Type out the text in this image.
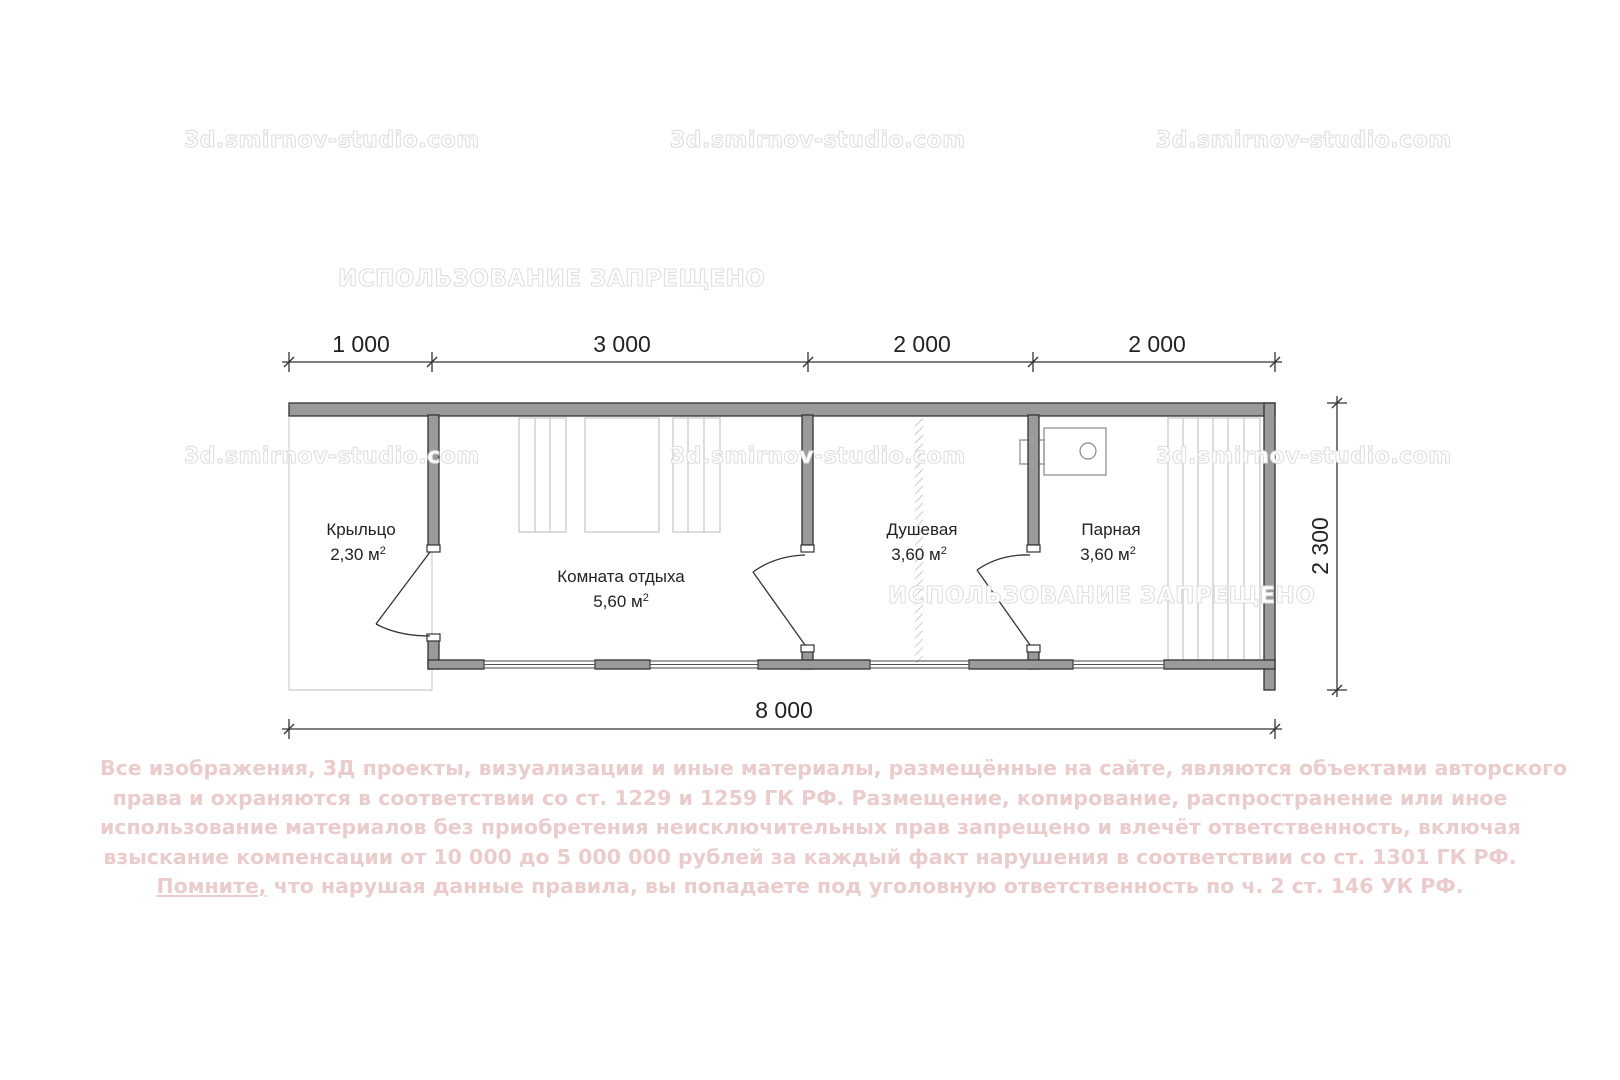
1 000	3 000	2 000	2 000
8 000
2 300
Крыльцо
2,30 $м^2$
Комната отдыха
5,60 $м^2$
Душевая
3,60 $м^2$
Парная
3,60 $м^2$
3d.smirnov-studio.com	3d.smirnov-studio.com	3d.smirnov-studio.com
3d.smirnov-studio.com	3d.smirnov-studio.com	3d.smirnov-studio.com
ИСПОЛЬЗОВАНИЕ ЗАПРЕЩЕНО
ИСПОЛЬЗОВАНИЕ ЗАПРЕЩЕНО
Все изображения, 3Д проекты, визуализации и иные материалы, размещённые на сайте, являются объектами авторского
права и охраняются в соответствии со ст. 1229 и 1259 ГК РФ. Размещение, копирование, распространение или иное
использование материалов без приобретения неисключительных прав запрещено и влечёт ответственность, включая
взыскание компенсации от 10 000 до 5 000 000 рублей за каждый факт нарушения в соответствии со ст. 1301 ГК РФ.
Помните, что нарушая данные правила, вы попадаете под уголовную ответственность по ч. 2 ст. 146 УК РФ.
